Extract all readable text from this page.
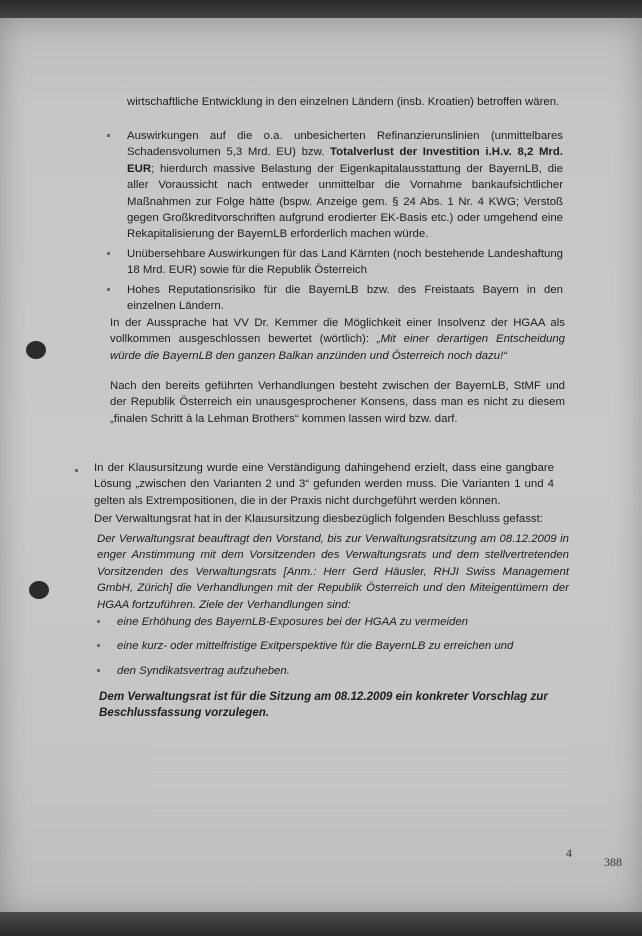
wirtschaftliche Entwicklung in den einzelnen Ländern (insb. Kroatien) betroffen wären.

Auswirkungen auf die o.a. unbesicherten Refinanzierunslinien (unmittelbares Schadensvolumen 5,3 Mrd. EU) bzw. Totalverlust der Investition i.H.v. 8,2 Mrd. EUR; hierdurch massive Belastung der Eigenkapitalausstattung der BayernLB, die aller Voraussicht nach entweder unmittelbar die Vornahme bankaufsichtlicher Maßnahmen zur Folge hätte (bspw. Anzeige gem. § 24 Abs. 1 Nr. 4 KWG; Verstoß gegen Großkreditvorschriften aufgrund erodierter EK-Basis etc.) oder umgehend eine Rekapitalisierung der BayernLB erforderlich machen würde.
Unübersehbare Auswirkungen für das Land Kärnten (noch bestehende Landeshaftung 18 Mrd. EUR) sowie für die Republik Österreich
Hohes Reputationsrisiko für die BayernLB bzw. des Freistaats Bayern in den einzelnen Ländern.

In der Aussprache hat VV Dr. Kemmer die Möglichkeit einer Insolvenz der HGAA als vollkommen ausgeschlossen bewertet (wörtlich): „Mit einer derartigen Entscheidung würde die BayernLB den ganzen Balkan anzünden und Österreich noch dazu!“

Nach den bereits geführten Verhandlungen besteht zwischen der BayernLB, StMF und der Republik Österreich ein unausgesprochener Konsens, dass man es nicht zu diesem „finalen Schritt à la Lehman Brothers“ kommen lassen wird bzw. darf.

In der Klausursitzung wurde eine Verständigung dahingehend erzielt, dass eine gangbare Lösung „zwischen den Varianten 2 und 3“ gefunden werden muss. Die Varianten 1 und 4 gelten als Extrempositionen, die in der Praxis nicht durchgeführt werden können.

Der Verwaltungsrat hat in der Klausursitzung diesbezüglich folgenden Beschluss gefasst:

Der Verwaltungsrat beauftragt den Vorstand, bis zur Verwaltungsratsitzung am 08.12.2009 in enger Anstimmung mit dem Vorsitzenden des Verwaltungsrats und dem stellvertretenden Vorsitzenden des Verwaltungsrats [Anm.: Herr Gerd Häusler, RHJI Swiss Management GmbH, Zürich] die Verhandlungen mit der Republik Österreich und den Miteigentümern der HGAA fortzuführen. Ziele der Verhandlungen sind:

eine Erhöhung des BayernLB-Exposures bei der HGAA zu vermeiden
eine kurz- oder mittelfristige Exitperspektive für die BayernLB zu erreichen und
den Syndikatsvertrag aufzuheben.

Dem Verwaltungsrat ist für die Sitzung am 08.12.2009 ein konkreter Vorschlag zur Beschlussfassung vorzulegen.

4
388
